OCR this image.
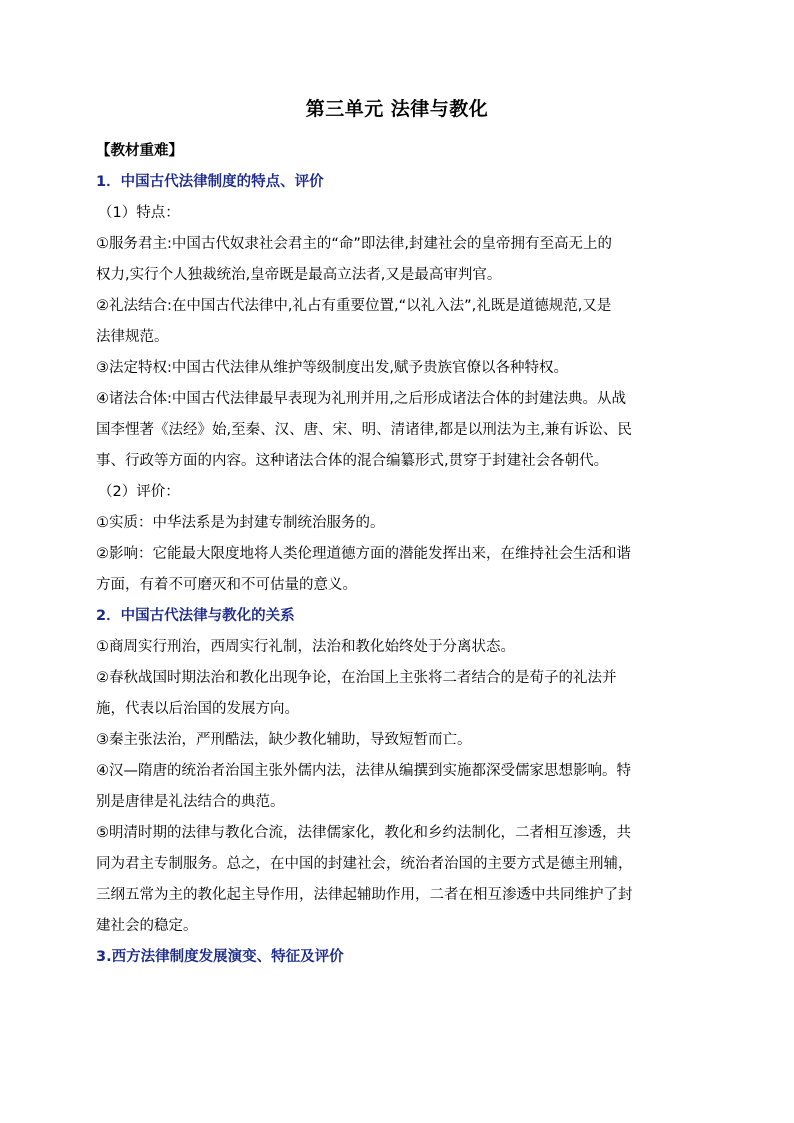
第三单元 法律与教化
【教材重难】
1．中国古代法律制度的特点、评价
（1）特点：
①服务君主:中国古代奴隶社会君主的“命”即法律,封建社会的皇帝拥有至高无上的
权力,实行个人独裁统治,皇帝既是最高立法者,又是最高审判官。
②礼法结合:在中国古代法律中,礼占有重要位置,“以礼入法”,礼既是道德规范,又是
法律规范。
③法定特权:中国古代法律从维护等级制度出发,赋予贵族官僚以各种特权。
④诸法合体:中国古代法律最早表现为礼刑并用,之后形成诸法合体的封建法典。从战
国李悝著《法经》始,至秦、汉、唐、宋、明、清诸律,都是以刑法为主,兼有诉讼、民
事、行政等方面的内容。这种诸法合体的混合编纂形式,贯穿于封建社会各朝代。
（2）评价：
①实质：中华法系是为封建专制统治服务的。
②影响：它能最大限度地将人类伦理道德方面的潜能发挥出来，在维持社会生活和谐
方面，有着不可磨灭和不可估量的意义。
2．中国古代法律与教化的关系
①商周实行刑治，西周实行礼制，法治和教化始终处于分离状态。
②春秋战国时期法治和教化出现争论，在治国上主张将二者结合的是荀子的礼法并
施，代表以后治国的发展方向。
③秦主张法治，严刑酷法，缺少教化辅助，导致短暂而亡。
④汉—隋唐的统治者治国主张外儒内法，法律从编撰到实施都深受儒家思想影响。特
别是唐律是礼法结合的典范。
⑤明清时期的法律与教化合流，法律儒家化，教化和乡约法制化，二者相互渗透，共
同为君主专制服务。总之，在中国的封建社会，统治者治国的主要方式是德主刑辅，
三纲五常为主的教化起主导作用，法律起辅助作用，二者在相互渗透中共同维护了封
建社会的稳定。
3.西方法律制度发展演变、特征及评价
